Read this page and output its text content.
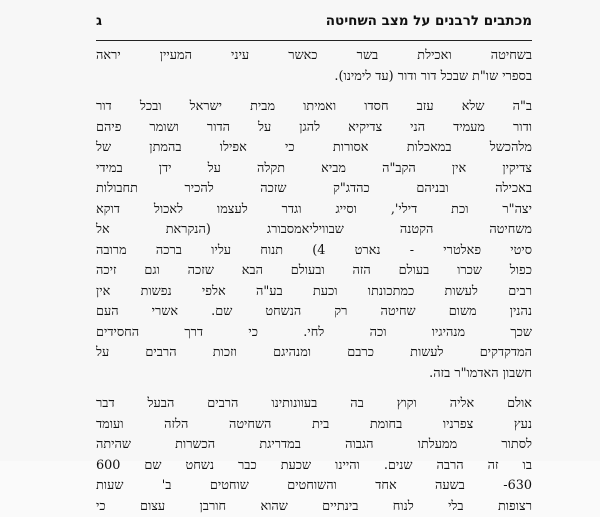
מכתבים לרבנים על מצב השחיטה
ג
בשחיטה ואכילת בשר כאשר עיני המעיין יראה
בספרי שו"ת שבכל דור ודור (עד לימינו).
ב"ה שלא עזב חסדו ואמיתו מבית ישראל ובכל דור
ודור מעמיד הני צדיקיא להגן על הדור ושומר פיהם
מלהכשל במאכלות אסורות כי אפילו בהמתן של
צדיקין אין הקב"ה מביא תקלה על ידן במידי
באכילה ובניהם כהדג"ק שזכה להכיר תחבולות
יצה"ר וכת דילי', וסייג וגדר לעצמו לאכול דוקא
משחיטה הקטנה שבוויליאמסבורג (הנקראת אל
סיטי פאלטרי - נארט 4) תנוח עליו ברכה מרובה
כפול שכרו בעולם הזה ובעולם הבא שזכה וגם זיכה
רבים לעשות כמתכונתו וכעת בע"ה אלפי נפשות אין
נהנין משום שחיטה רק הנשחט שם. אשרי העם
שכך מנהיגיו וכה לחי. כי דרך החסידים
המדקדקים לעשות כרבם ומנהיגם וזכות הרבים על
חשבון האדמו"ר בזה.
אולם אליה וקוץ בה בעוונותינו הרבים הבעל דבר
נעץ צפרניו בחומת בית השחיטה הלזה ועומד
לסתור ממעלתו הגבוה במדריגת הכשרות שהיתה
בו זה הרבה שנים. והיינו שכעת כבר נשחט שם 600
630- בשעה אחד והשוחטים שוחטים ב' שעות
רצופות בלי לנוח בינתיים שהוא חורבן עצום כי
